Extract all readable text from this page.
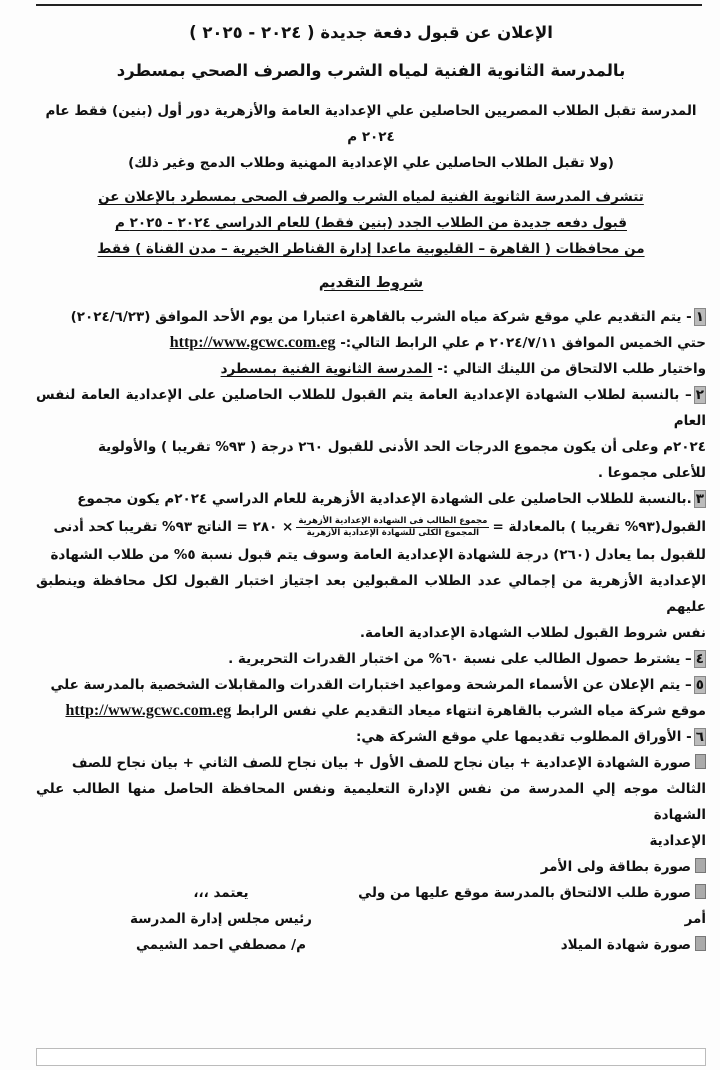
الإعلان عن قبول دفعة جديدة ( ٢٠٢٤ - ٢٠٢٥ )
بالمدرسة الثانوية الفنية لمياه الشرب والصرف الصحي بمسطرد
المدرسة تقبل الطلاب المصريين الحاصلين علي الإعدادية العامة والأزهرية دور أول (بنين) فقط عام ٢٠٢٤ م
(ولا تقبل الطلاب الحاصلين علي الإعدادية المهنية وطلاب الدمج وغير ذلك)
تتشرف المدرسة الثانوية الفنية لمياه الشرب والصرف الصحى بمسطرد بالإعلان عن
قبول دفعه جديدة من الطلاب الجدد (بنين فقط) للعام الدراسي ٢٠٢٤ - ٢٠٢٥ م
من محافظات ( القاهرة – القليوبية ماعدا إدارة القناطر الخيرية – مدن القناة ) فقط
شروط التقديم
١- يتم التقديم علي موقع شركة مياه الشرب بالقاهرة اعتبارا من يوم الأحد الموافق (٢٠٢٤/٦/٢٣)
حتي الخميس الموافق ٢٠٢٤/٧/١١ م علي الرابط التالي:- http://www.gcwc.com.eg
واختيار طلب الالتحاق من اللينك التالي :- المدرسة الثانوية الفنية بمسطرد
٢– بالنسبة لطلاب الشهادة الإعدادية العامة يتم القبول للطلاب الحاصلين على الإعدادية العامة لنفس العام
٢٠٢٤م وعلى أن يكون مجموع الدرجات الحد الأدنى للقبول ٢٦٠ درجة ( ٩٣% تقريبا ) والأولوية
للأعلى مجموعا .
٣.بالنسبة للطلاب الحاصلين على الشهادة الإعدادية الأزهرية للعام الدراسي ٢٠٢٤م يكون مجموع
القبول(٩٣% تقريبا ) بالمعادلة =
$\frac{\text{مجموع الطالب فى الشهادة الإعدادية الأزهرية}}{\text{المجموع الكلى للشهادة الإعدادية الأزهرية}}$
× ٢٨٠ = الناتج ٩٣% تقريبا كحد أدنى
للقبول بما يعادل (٢٦٠) درجة للشهادة الإعدادية العامة وسوف يتم قبول نسبة ٥% من طلاب الشهادة
الإعدادية الأزهرية من إجمالي عدد الطلاب المقبولين بعد اجتياز اختبار القبول لكل محافظة وينطبق عليهم
نفس شروط القبول لطلاب الشهادة الإعدادية العامة.
٤– يشترط حصول الطالب على نسبة ٦٠% من اختبار القدرات التحريرية .
٥– يتم الإعلان عن الأسماء المرشحة ومواعيد اختبارات القدرات والمقابلات الشخصية بالمدرسة علي
موقع شركة مياه الشرب بالقاهرة انتهاء ميعاد التقديم علي نفس الرابط http://www.gcwc.com.eg
٦- الأوراق المطلوب تقديمها علي موقع الشركة هي:
صورة الشهادة الإعدادية + بيان نجاح للصف الأول + بيان نجاح للصف الثاني + بيان نجاح للصف
الثالث موجه إلي المدرسة من نفس الإدارة التعليمية ونفس المحافظة الحاصل منها الطالب علي الشهادة
الإعدادية
صورة بطاقة ولى الأمر
صورة طلب الالتحاق بالمدرسة موقع عليها من ولي أمر
صورة شهادة الميلاد
يعتمد ،،،
رئيس مجلس إدارة المدرسة
م/ مصطفي احمد الشيمي
